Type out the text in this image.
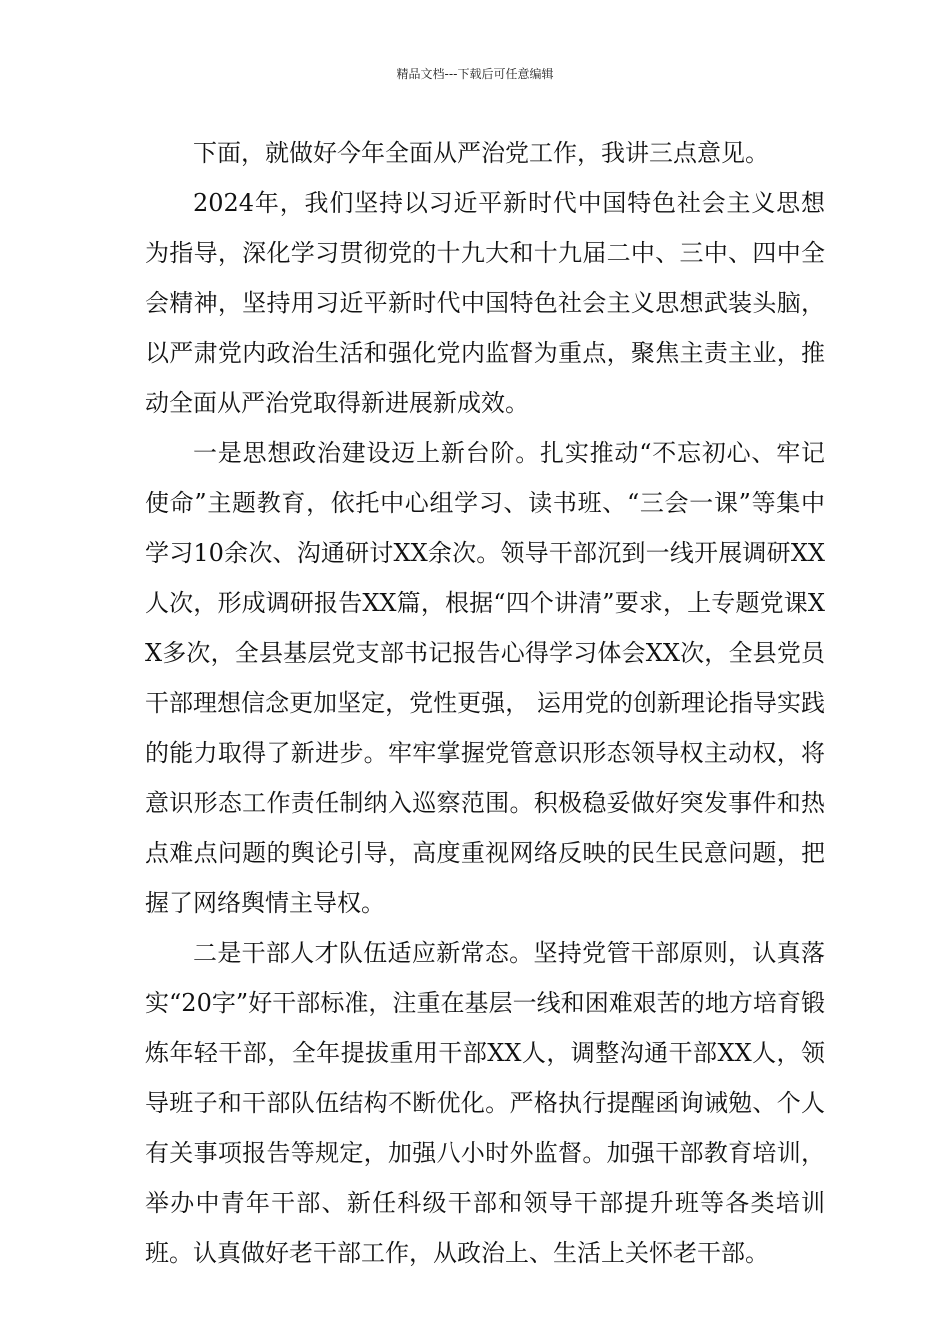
精品文档---下载后可任意编辑

下面，就做好今年全面从严治党工作，我讲三点意见。

2024年，我们坚持以习近平新时代中国特色社会主义思想为指导，深化学习贯彻党的十九大和十九届二中、三中、四中全会精神，坚持用习近平新时代中国特色社会主义思想武装头脑，以严肃党内政治生活和强化党内监督为重点，聚焦主责主业，推动全面从严治党取得新进展新成效。

一是思想政治建设迈上新台阶。扎实推动“不忘初心、牢记使命”主题教育，依托中心组学习、读书班、“三会一课”等集中学习10余次、沟通研讨XX余次。领导干部沉到一线开展调研XX人次，形成调研报告XX篇，根据“四个讲清”要求，上专题党课XX多次，全县基层党支部书记报告心得学习体会XX次，全县党员干部理想信念更加坚定，党性更强， 运用党的创新理论指导实践的能力取得了新进步。牢牢掌握党管意识形态领导权主动权，将意识形态工作责任制纳入巡察范围。积极稳妥做好突发事件和热点难点问题的舆论引导，高度重视网络反映的民生民意问题，把握了网络舆情主导权。

二是干部人才队伍适应新常态。坚持党管干部原则，认真落实“20字”好干部标准，注重在基层一线和困难艰苦的地方培育锻炼年轻干部，全年提拔重用干部XX人，调整沟通干部XX人，领导班子和干部队伍结构不断优化。严格执行提醒函询诫勉、个人有关事项报告等规定，加强八小时外监督。加强干部教育培训，举办中青年干部、新任科级干部和领导干部提升班等各类培训班。认真做好老干部工作，从政治上、生活上关怀老干部。
